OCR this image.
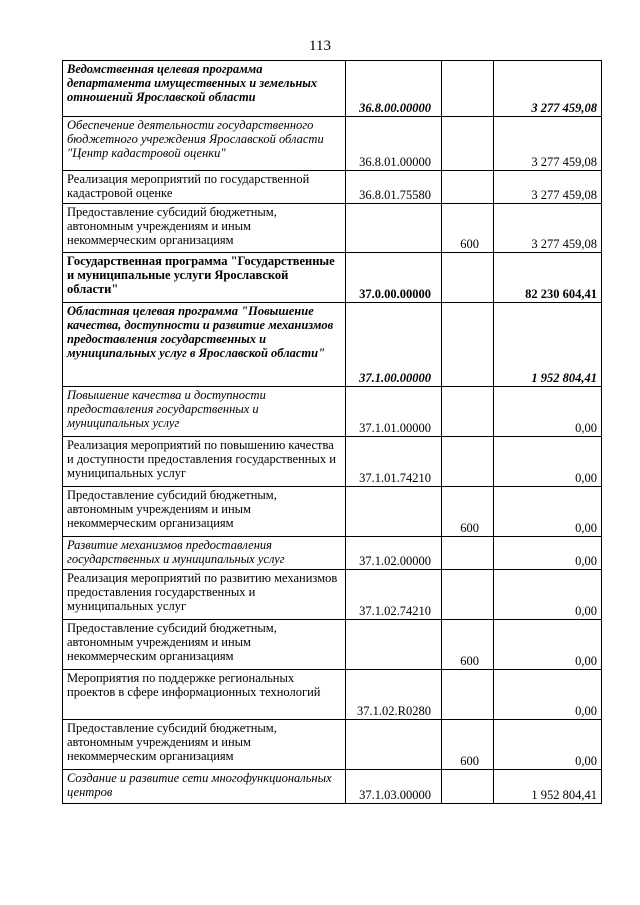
113
Ведомственная целевая программа департамента имущественных и земельных отношений Ярославской области	36.8.00.00000		3 277 459,08
Обеспечение деятельности государственного бюджетного учреждения Ярославской области "Центр кадастровой оценки"	36.8.01.00000		3 277 459,08
Реализация мероприятий по государственной кадастровой оценке	36.8.01.75580		3 277 459,08
Предоставление субсидий бюджетным, автономным учреждениям и иным некоммерческим организациям		600	3 277 459,08
Государственная программа "Государственные и муниципальные услуги Ярославской области"	37.0.00.00000		82 230 604,41
Областная целевая программа "Повышение качества, доступности и развитие механизмов предоставления государственных и муниципальных услуг в Ярославской области"	37.1.00.00000		1 952 804,41
Повышение качества и доступности предоставления государственных и муниципальных услуг	37.1.01.00000		0,00
Реализация мероприятий по повышению качества и доступности предоставления государственных и муниципальных услуг	37.1.01.74210		0,00
Предоставление субсидий бюджетным, автономным учреждениям и иным некоммерческим организациям		600	0,00
Развитие механизмов предоставления государственных и муниципальных услуг	37.1.02.00000		0,00
Реализация мероприятий по развитию механизмов предоставления государственных и муниципальных услуг	37.1.02.74210		0,00
Предоставление субсидий бюджетным, автономным учреждениям и иным некоммерческим организациям		600	0,00
Мероприятия по поддержке региональных проектов в сфере информационных технологий	37.1.02.R0280		0,00
Предоставление субсидий бюджетным, автономным учреждениям и иным некоммерческим организациям		600	0,00
Создание и развитие сети многофункциональных центров	37.1.03.00000		1 952 804,41
